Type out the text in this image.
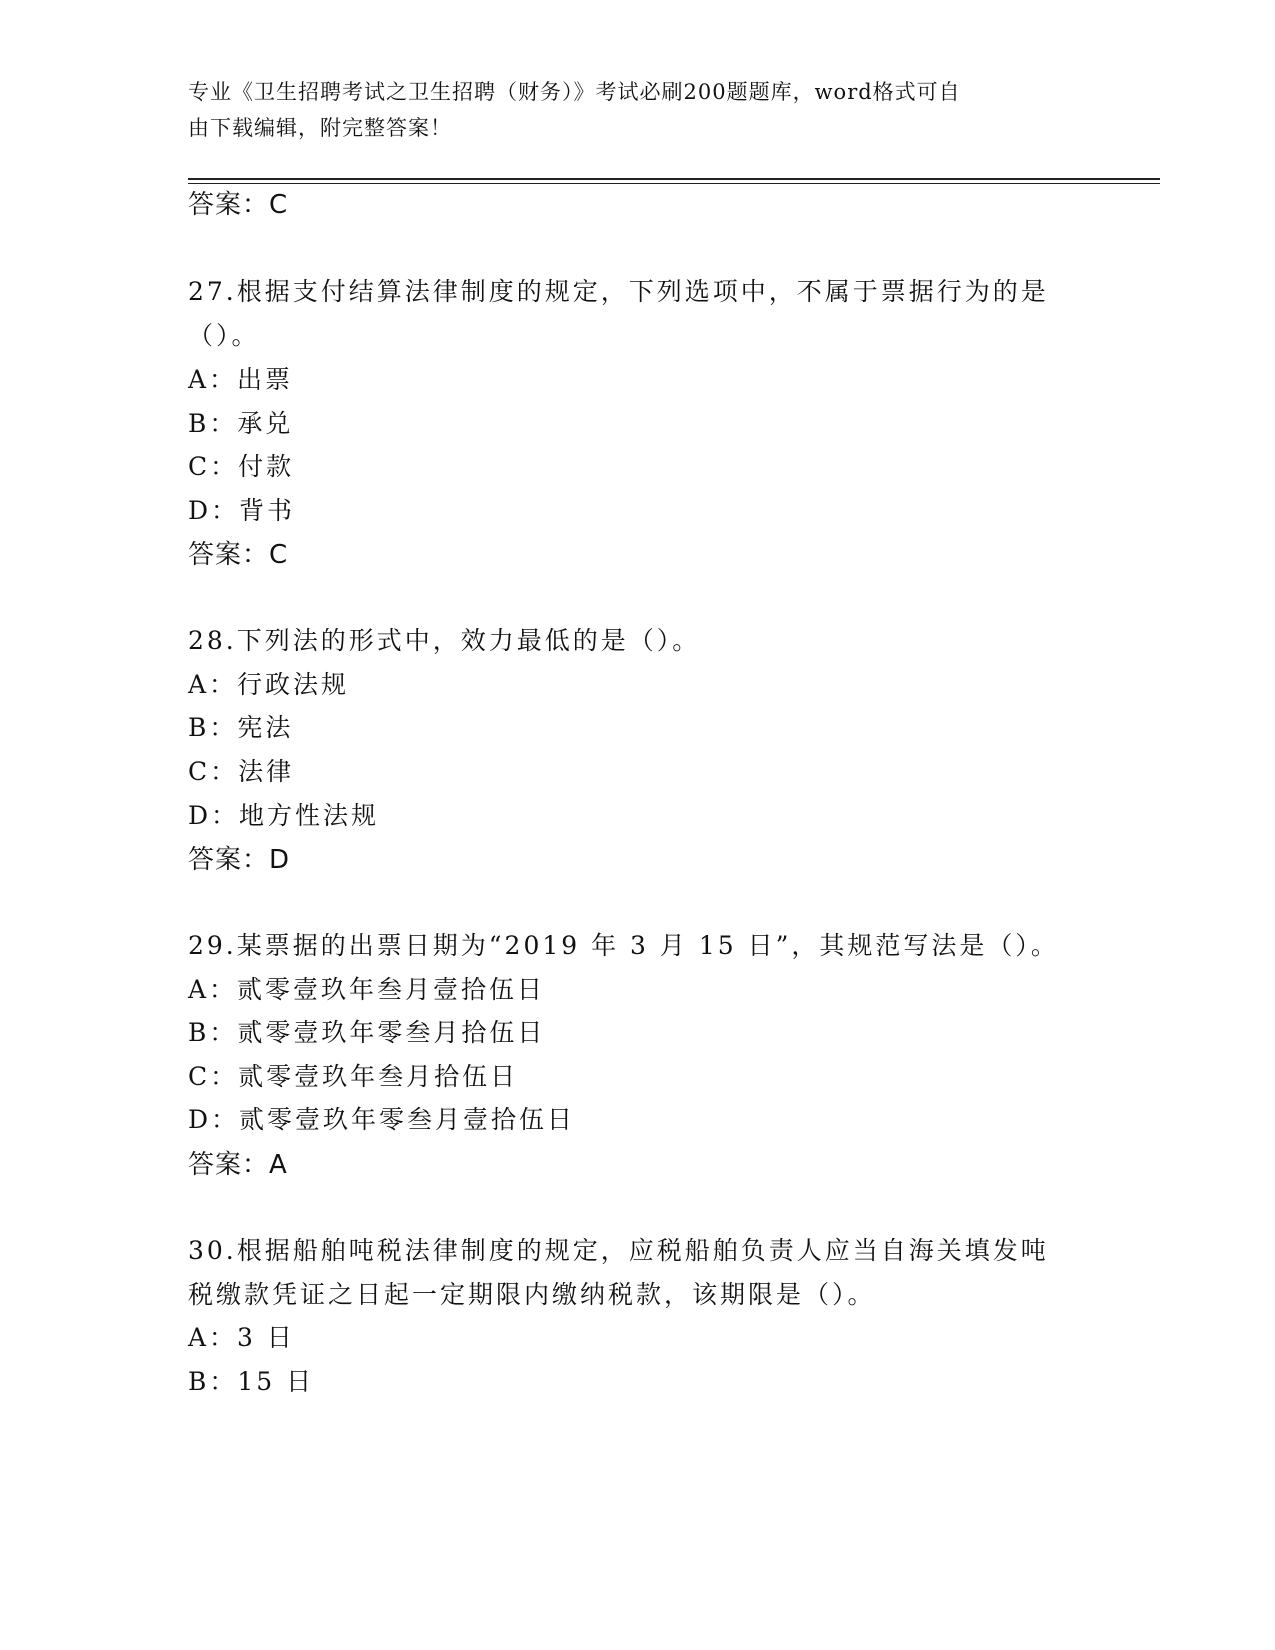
专业《卫生招聘考试之卫生招聘（财务）》考试必刷200题题库，word格式可自
由下载编辑，附完整答案！
答案：C
27.根据支付结算法律制度的规定，下列选项中，不属于票据行为的是
（）。
A：出票
B：承兑
C：付款
D：背书
答案：C
28.下列法的形式中，效力最低的是（）。
A：行政法规
B：宪法
C：法律
D：地方性法规
答案：D
29.某票据的出票日期为“2019 年 3 月 15 日”，其规范写法是（）。
A：贰零壹玖年叁月壹拾伍日
B：贰零壹玖年零叁月拾伍日
C：贰零壹玖年叁月拾伍日
D：贰零壹玖年零叁月壹拾伍日
答案：A
30.根据船舶吨税法律制度的规定，应税船舶负责人应当自海关填发吨
税缴款凭证之日起一定期限内缴纳税款，该期限是（）。
A：3 日
B：15 日
